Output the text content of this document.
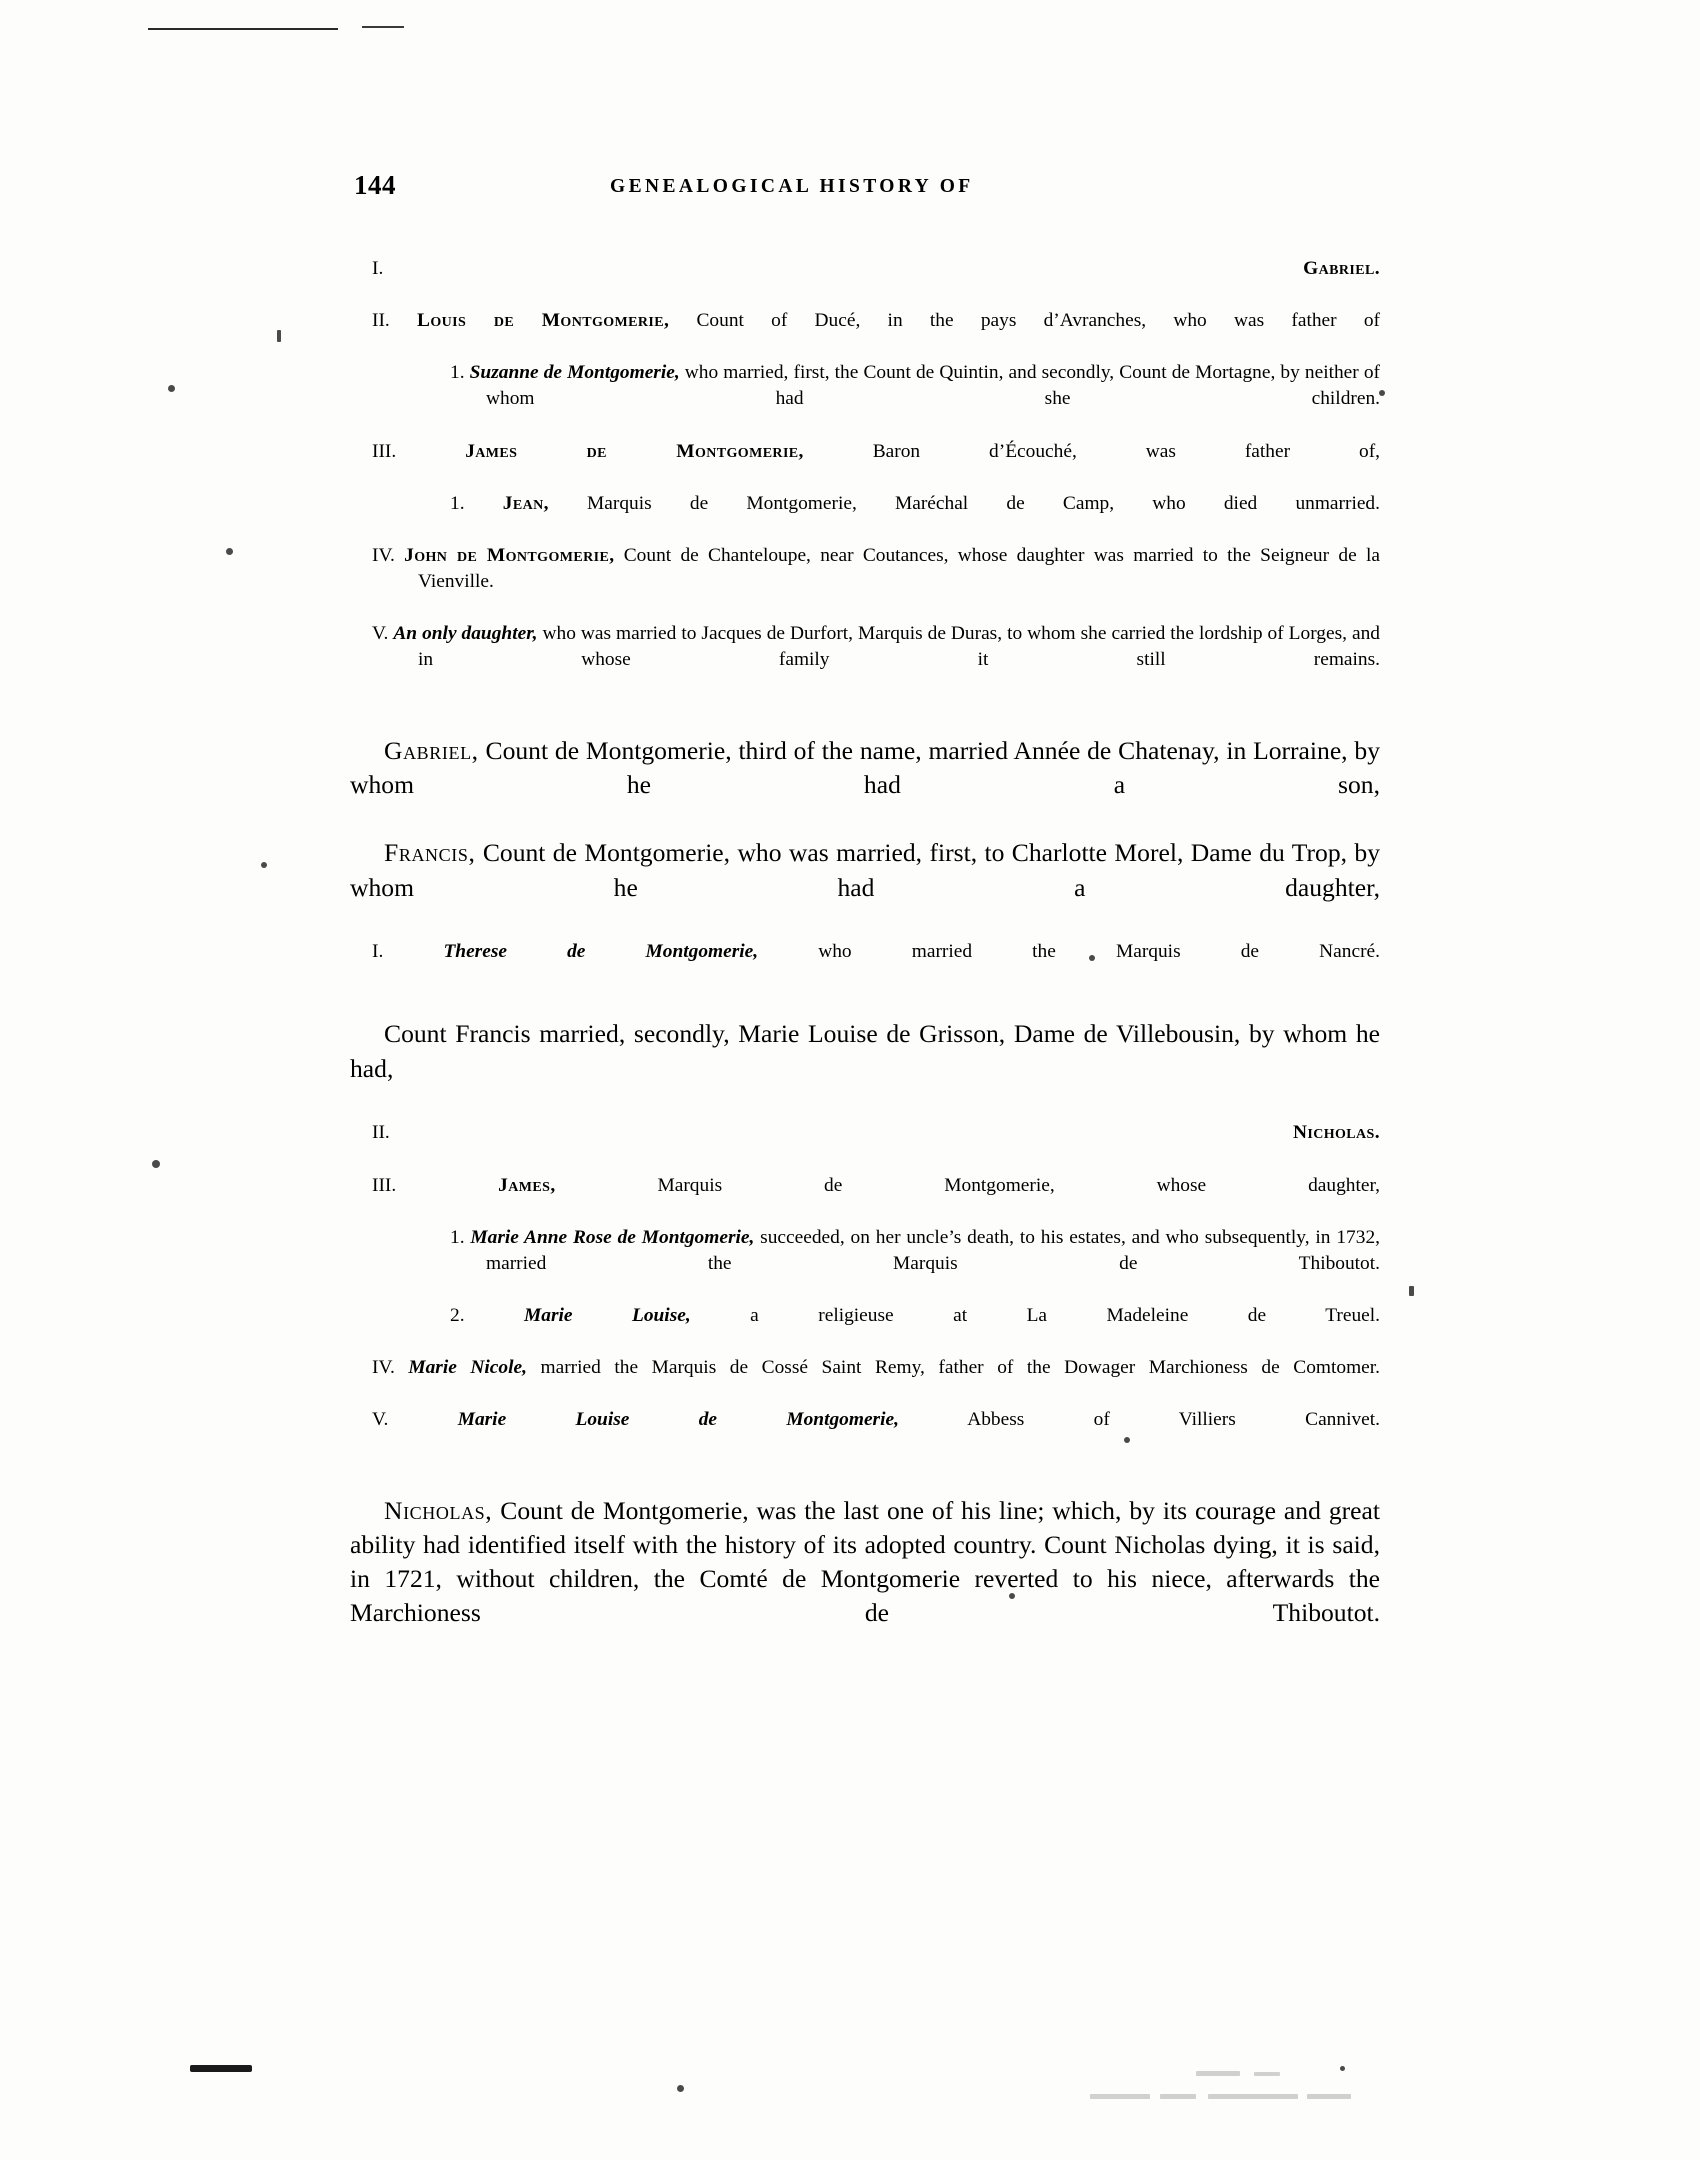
144	GENEALOGICAL HISTORY OF
I.	Gabriel.
II. Louis de Montgomerie, Count of Ducé, in the pays d’Avranches, who was father of
1. Suzanne de Montgomerie, who married, first, the Count de Quintin, and secondly, Count de Mortagne, by neither of whom had she children.
III.	James de Montgomerie, Baron d’Écouché, was father of,
1. Jean, Marquis de Montgomerie, Maréchal de Camp, who died unmarried.
IV. John de Montgomerie, Count de Chanteloupe, near Coutances, whose daughter was married to the Seigneur de la Vienville.
V. An only daughter, who was married to Jacques de Durfort, Marquis de Duras, to whom she carried the lordship of Lorges, and in whose family it still remains.

Gabriel, Count de Montgomerie, third of the name, married Année de Chatenay, in Lorraine, by whom he had a son,

Francis, Count de Montgomerie, who was married, first, to Charlotte Morel, Dame du Trop, by whom he had a daughter,

I.	Therese de Montgomerie, who married the Marquis de Nancré.

Count Francis married, secondly, Marie Louise de Grisson, Dame de Villebousin, by whom he had,

II.	Nicholas.
III.	James, Marquis de Montgomerie, whose daughter,
1. Marie Anne Rose de Montgomerie, succeeded, on her uncle’s death, to his estates, and who subsequently, in 1732, married the Marquis de Thiboutot.
2.	Marie Louise, a religieuse at La Madeleine de Treuel.
IV. Marie Nicole, married the Marquis de Cossé Saint Remy, father of the Dowager Marchioness de Comtomer.
V.	Marie Louise de Montgomerie, Abbess of Villiers Cannivet.

Nicholas, Count de Montgomerie, was the last one of his line; which, by its courage and great ability had identified itself with the history of its adopted country. Count Nicholas dying, it is said, in 1721, without children, the Comté de Montgomerie reverted to his niece, afterwards the Marchioness de Thiboutot.
